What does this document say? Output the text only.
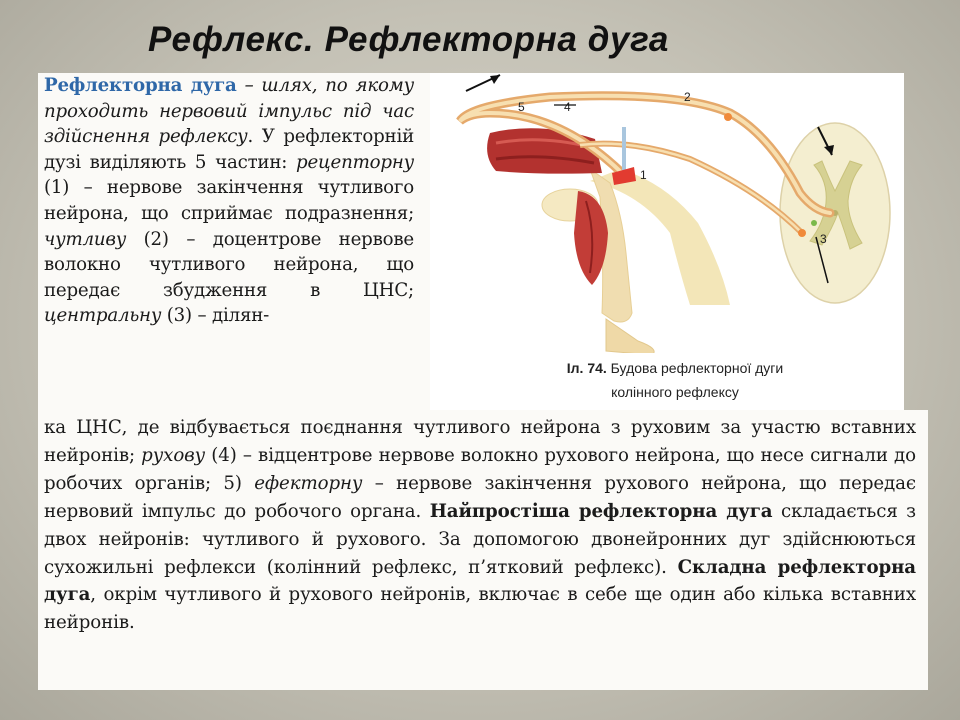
Рефлекс. Рефлекторна дуга
Рефлекторна дуга – шлях, по якому проходить нервовий імпульс під час здійснення рефлексу. У рефлекторній дузі виділяють 5 частин: рецепторну (1) – нервове закінчення чутливого нейрона, що сприймає подразнення; чутливу (2) – доцентрове нервове волокно чутливого нейрона, що передає збудження в ЦНС; центральну (3) – ділян-
5	4
2
1
3
Іл. 74. Будова рефлекторної дуги
колінного рефлексу
ка ЦНС, де відбувається поєднання чутливого нейрона з руховим за участю вставних нейронів; рухову (4) – відцентрове нервове волокно рухового нейрона, що несе сигнали до робочих органів; 5) ефекторну – нервове закінчення рухового нейрона, що передає нервовий імпульс до робочого органа. Найпростіша рефлекторна дуга складається з двох нейронів: чутливого й рухового. За допомогою двонейронних дуг здійснюються сухожильні рефлекси (колінний рефлекс, п’ятковий рефлекс). Складна рефлекторна дуга, окрім чутливого й рухового нейронів, включає в себе ще один або кілька вставних нейронів.
